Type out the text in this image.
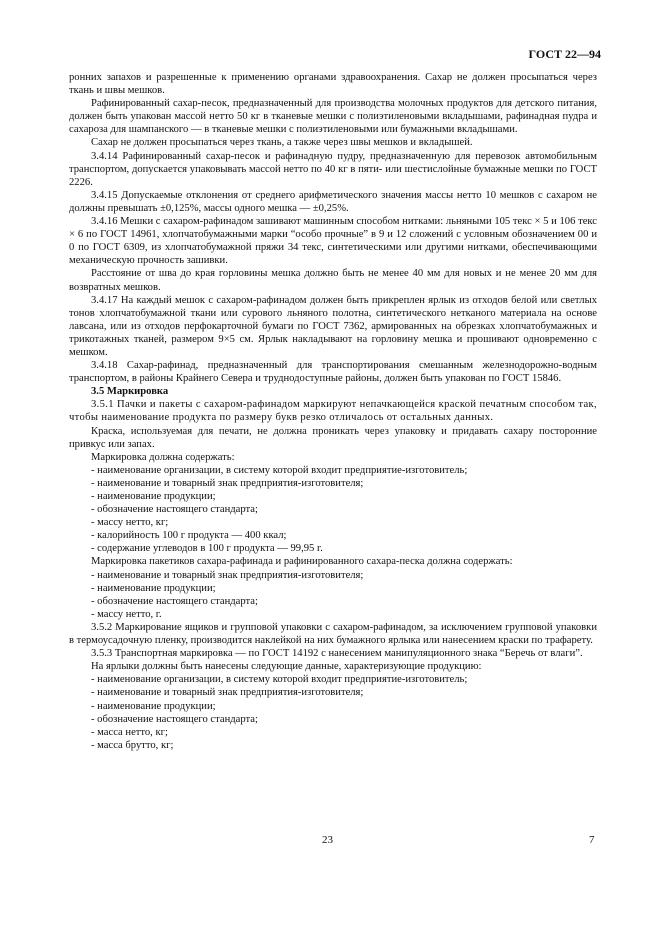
ГОСТ 22—94

ронних запахов и разрешенные к применению органами здравоохранения. Сахар не должен просыпаться через ткань и швы мешков.

Рафинированный сахар-песок, предназначенный для производства молочных продуктов для детского питания, должен быть упакован массой нетто 50 кг в тканевые мешки с полиэтиленовыми вкладышами, рафинадная пудра и сахароза для шампанского — в тканевые мешки с полиэтиленовыми или бумажными вкладышами.

Сахар не должен просыпаться через ткань, а также через швы мешков и вкладышей.

3.4.14 Рафинированный сахар-песок и рафинадную пудру, предназначенную для перевозок автомобильным транспортом, допускается упаковывать массой нетто по 40 кг в пяти- или шестислойные бумажные мешки по ГОСТ 2226.

3.4.15 Допускаемые отклонения от среднего арифметического значения массы нетто 10 мешков с сахаром не должны превышать ±0,125%, массы одного мешка — ±0,25%.

3.4.16 Мешки с сахаром-рафинадом зашивают машинным способом нитками: льняными 105 текс × 5 и 106 текс × 6 по ГОСТ 14961, хлопчатобумажными марки “особо прочные” в 9 и 12 сложений с условным обозначением 00 и 0 по ГОСТ 6309, из хлопчатобумажной пряжи 34 текс, синтетическими или другими нитками, обеспечивающими механическую прочность зашивки.

Расстояние от шва до края горловины мешка должно быть не менее 40 мм для новых и не менее 20 мм для возвратных мешков.

3.4.17 На каждый мешок с сахаром-рафинадом должен быть прикреплен ярлык из отходов белой или светлых тонов хлопчатобумажной ткани или сурового льняного полотна, синтетического нетканого материала на основе лавсана, или из отходов перфокарточной бумаги по ГОСТ 7362, армированных на обрезках хлопчатобумажных и трикотажных тканей, размером 9×5 см. Ярлык накладывают на горловину мешка и прошивают одновременно с мешком.

3.4.18 Сахар-рафинад, предназначенный для транспортирования смешанным железнодорожно-водным транспортом, в районы Крайнего Севера и труднодоступные районы, должен быть упакован по ГОСТ 15846.

3.5 Маркировка

3.5.1 Пачки и пакеты с сахаром-рафинадом маркируют непачкающейся краской печатным способом так, чтобы наименование продукта по размеру букв резко отличалось от остальных данных.

Краска, используемая для печати, не должна проникать через упаковку и придавать сахару посторонние привкус или запах.

Маркировка должна содержать:

- наименование организации, в систему которой входит предприятие-изготовитель;

- наименование и товарный знак предприятия-изготовителя;

- наименование продукции;

- обозначение настоящего стандарта;

- массу нетто, кг;

- калорийность 100 г продукта — 400 ккал;

- содержание углеводов в 100 г продукта — 99,95 г.

Маркировка пакетиков сахара-рафинада и рафинированного сахара-песка должна содержать:

- наименование и товарный знак предприятия-изготовителя;

- наименование продукции;

- обозначение настоящего стандарта;

- массу нетто, г.

3.5.2 Маркирование ящиков и групповой упаковки с сахаром-рафинадом, за исключением групповой упаковки в термоусадочную пленку, производится наклейкой на них бумажного ярлыка или нанесением краски по трафарету.

3.5.3 Транспортная маркировка — по ГОСТ 14192 с нанесением манипуляционного знака “Беречь от влаги”.

На ярлыки должны быть нанесены следующие данные, характеризующие продукцию:

- наименование организации, в систему которой входит предприятие-изготовитель;

- наименование и товарный знак предприятия-изготовителя;

- наименование продукции;

- обозначение настоящего стандарта;

- масса нетто, кг;

- масса брутто, кг;

23	7
